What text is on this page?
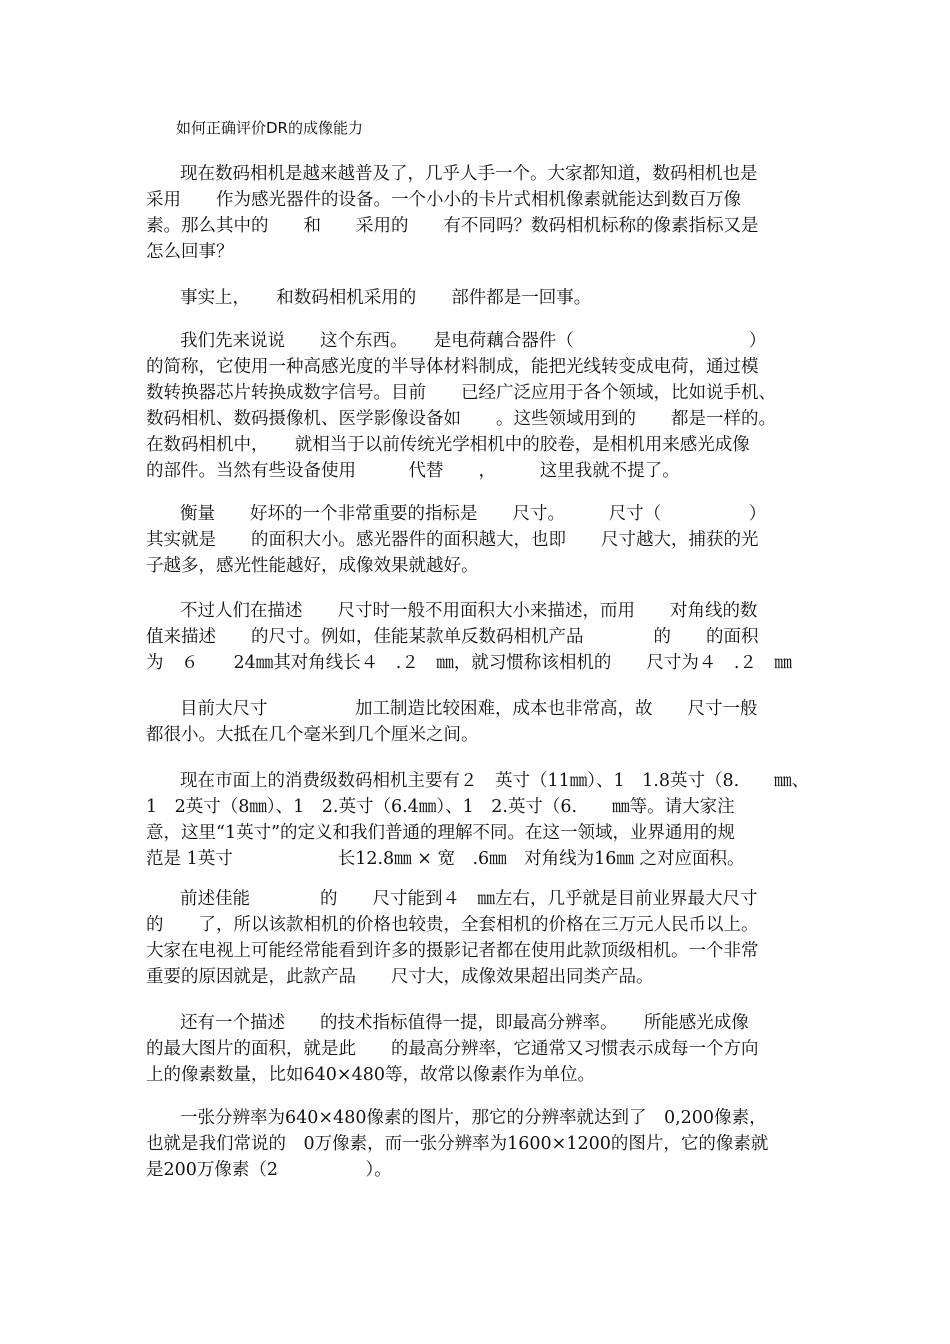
如何正确评价DR的成像能力
现在数码相机是越来越普及了，几乎人手一个。大家都知道，数码相机也是
采用　　作为感光器件的设备。一个小小的卡片式相机像素就能达到数百万像
素。那么其中的　　和　　采用的　　有不同吗？数码相机标称的像素指标又是
怎么回事？
事实上，　　和数码相机采用的　　部件都是一回事。
我们先来说说　　这个东西。　　是电荷藕合器件（　　　　　　　　　　）
的简称，它使用一种高感光度的半导体材料制成，能把光线转变成电荷，通过模
数转换器芯片转换成数字信号。目前　　已经广泛应用于各个领域，比如说手机、
数码相机、数码摄像机、医学影像设备如　　。这些领域用到的　　都是一样的。
在数码相机中，　　就相当于以前传统光学相机中的胶卷，是相机用来感光成像
的部件。当然有些设备使用　　　代替　　，　　　这里我就不提了。
衡量　　好坏的一个非常重要的指标是　　尺寸。　　　尺寸（　　　　　）
其实就是　　的面积大小。感光器件的面积越大，也即　　尺寸越大，捕获的光
子越多，感光性能越好，成像效果就越好。
不过人们在描述　　尺寸时一般不用面积大小来描述，而用　　对角线的数
值来描述　　的尺寸。例如，佳能某款单反数码相机产品　　　　的　　的面积
为　６　　24㎜其对角线长４　.２　㎜，就习惯称该相机的　　尺寸为４　.２　㎜
目前大尺寸　　　　　加工制造比较困难，成本也非常高，故　　尺寸一般
都很小。大抵在几个毫米到几个厘米之间。
现在市面上的消费级数码相机主要有２　英寸（11㎜）、1　1.8英寸（8.　　㎜、
1　2英寸（8㎜）、1　2.英寸（6.4㎜）、1　2.英寸（6.　　㎜等。请大家注
意，这里“1英寸”的定义和我们普通的理解不同。在这一领域，业界通用的规
范是 1英寸　　　　　　长12.8㎜ × 宽　.6㎜　对角线为16㎜ 之对应面积。
前述佳能　　　　的　　尺寸能到４　㎜左右，几乎就是目前业界最大尺寸
的　　了，所以该款相机的价格也较贵，全套相机的价格在三万元人民币以上。
大家在电视上可能经常能看到许多的摄影记者都在使用此款顶级相机。一个非常
重要的原因就是，此款产品　　尺寸大，成像效果超出同类产品。
还有一个描述　　的技术指标值得一提，即最高分辨率。　　所能感光成像
的最大图片的面积，就是此　　的最高分辨率，它通常又习惯表示成每一个方向
上的像素数量，比如640×480等，故常以像素作为单位。
一张分辨率为640×480像素的图片，那它的分辨率就达到了　0,200像素，
也就是我们常说的　0万像素，而一张分辨率为1600×1200的图片，它的像素就
是200万像素（2　　　　　）。
